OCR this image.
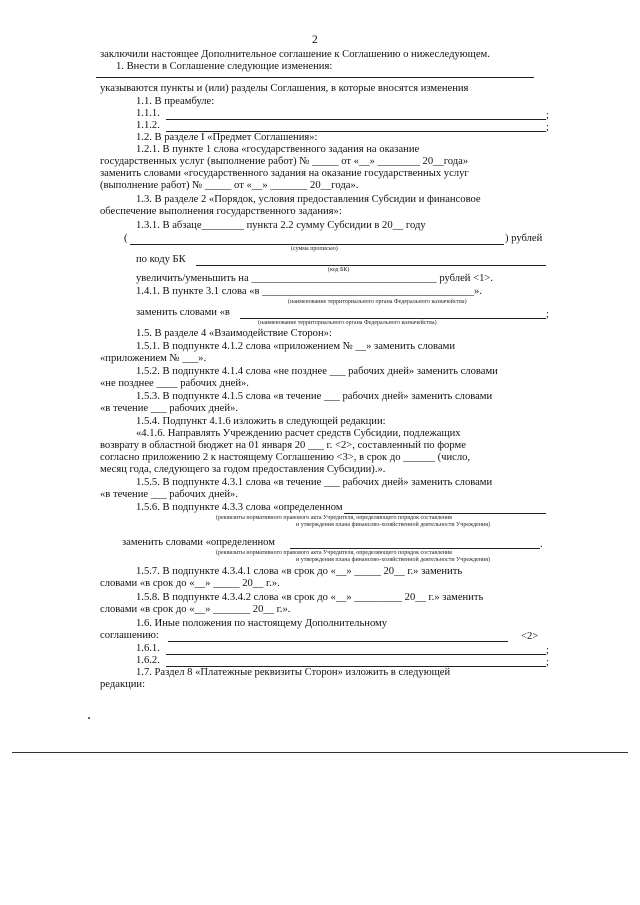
2
заключили настоящее Дополнительное соглашение к Соглашению о нижеследующем.
1. Внести в Соглашение следующие изменения:
указываются пункты и (или) разделы Соглашения, в которые вносятся изменения
1.1. В преамбуле:
1.1.1.	;
1.1.2.	;
1.2. В разделе I «Предмет Соглашения»:
1.2.1. В пункте 1 слова «государственного задания на оказание
государственных услуг (выполнение работ) № _____ от «__» ________ 20__года»
заменить словами «государственного задания на оказание государственных услуг
(выполнение работ) № _____ от «__» _______ 20__года».
1.3. В разделе 2 «Порядок, условия предоставления Субсидии и финансовое
обеспечение выполнения государственного задания»:
1.3.1. В абзаце________ пункта 2.2 сумму Субсидии в 20__ году
(	) рублей
(сумма прописью)
по коду БК
(код БК)
увеличить/уменьшить на ___________________________________ рублей <1>.
1.4.1. В пункте 3.1 слова «в ________________________________________».
(наименование территориального органа Федерального казначейства)
заменить словами «в	;
(наименование территориального органа Федерального казначейства)
1.5. В разделе 4 «Взаимодействие Сторон»:
1.5.1. В подпункте 4.1.2 слова «приложением № __» заменить словами
«приложением № ___».
1.5.2. В подпункте 4.1.4 слова «не позднее ___ рабочих дней» заменить словами
«не позднее ____ рабочих дней».
1.5.3. В подпункте 4.1.5 слова «в течение ___ рабочих дней» заменить словами
«в течение ___ рабочих дней».
1.5.4. Подпункт 4.1.6 изложить в следующей редакции:
«4.1.6. Направлять Учреждению расчет средств Субсидии, подлежащих
возврату в областной бюджет на 01 января 20 ___ г. <2>, составленный по форме
согласно приложению 2 к настоящему Соглашению <3>, в срок до ______ (число,
месяц года, следующего за годом предоставления Субсидии).».
1.5.5. В подпункте 4.3.1 слова «в течение ___ рабочих дней» заменить словами
«в течение ___ рабочих дней».
1.5.6. В подпункте 4.3.3 слова «определенном
(реквизиты нормативного правового акта Учредителя, определяющего порядок составления
и утверждения плана финансово-хозяйственной деятельности Учреждения)
заменить словами «определенном	.
(реквизиты нормативного правового акта Учредителя, определяющего порядок составления
и утверждения плана финансово-хозяйственной деятельности Учреждения)
1.5.7. В подпункте 4.3.4.1 слова «в срок до «__» _____ 20__ г.» заменить
словами «в срок до «__» _____ 20__ г.».
1.5.8. В подпункте 4.3.4.2 слова «в срок до «__» _________ 20__ г.» заменить
словами «в срок до «__» _______ 20__ г.».
1.6. Иные положения по настоящему Дополнительному
соглашению:	<2>
1.6.1.	;
1.6.2.	;
1.7. Раздел 8 «Платежные реквизиты Сторон» изложить в следующей
редакции:
